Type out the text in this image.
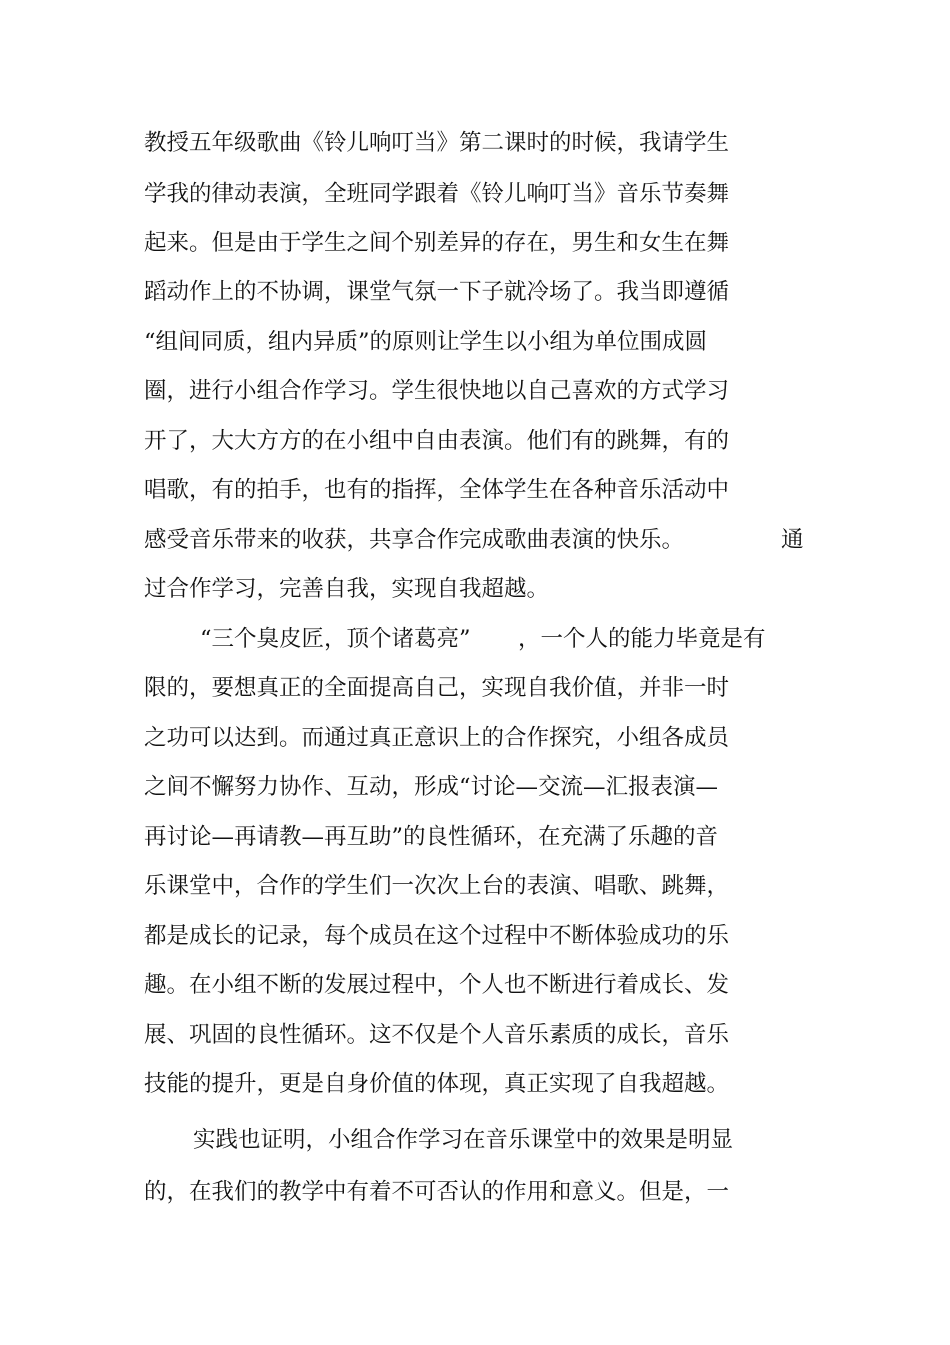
教授五年级歌曲《铃儿响叮当》第二课时的时候，我请学生

学我的律动表演，全班同学跟着《铃儿响叮当》音乐节奏舞

起来。但是由于学生之间个别差异的存在，男生和女生在舞

蹈动作上的不协调，课堂气氛一下子就冷场了。我当即遵循

“组间同质，组内异质”的原则让学生以小组为单位围成圆

圈，进行小组合作学习。学生很快地以自己喜欢的方式学习

开了，大大方方的在小组中自由表演。他们有的跳舞，有的

唱歌，有的拍手，也有的指挥，全体学生在各种音乐活动中

感受音乐带来的收获，共享合作完成歌曲表演的快乐。	通

过合作学习，完善自我，实现自我超越。

“三个臭皮匠，顶个诸葛亮” ，一个人的能力毕竟是有

限的，要想真正的全面提高自己，实现自我价值，并非一时

之功可以达到。而通过真正意识上的合作探究，小组各成员

之间不懈努力协作、互动，形成“讨论—交流—汇报表演—

再讨论—再请教—再互助”的良性循环，在充满了乐趣的音

乐课堂中，合作的学生们一次次上台的表演、唱歌、跳舞，

都是成长的记录，每个成员在这个过程中不断体验成功的乐

趣。在小组不断的发展过程中，个人也不断进行着成长、发

展、巩固的良性循环。这不仅是个人音乐素质的成长，音乐

技能的提升，更是自身价值的体现，真正实现了自我超越。

实践也证明，小组合作学习在音乐课堂中的效果是明显

的，在我们的教学中有着不可否认的作用和意义。但是，一
